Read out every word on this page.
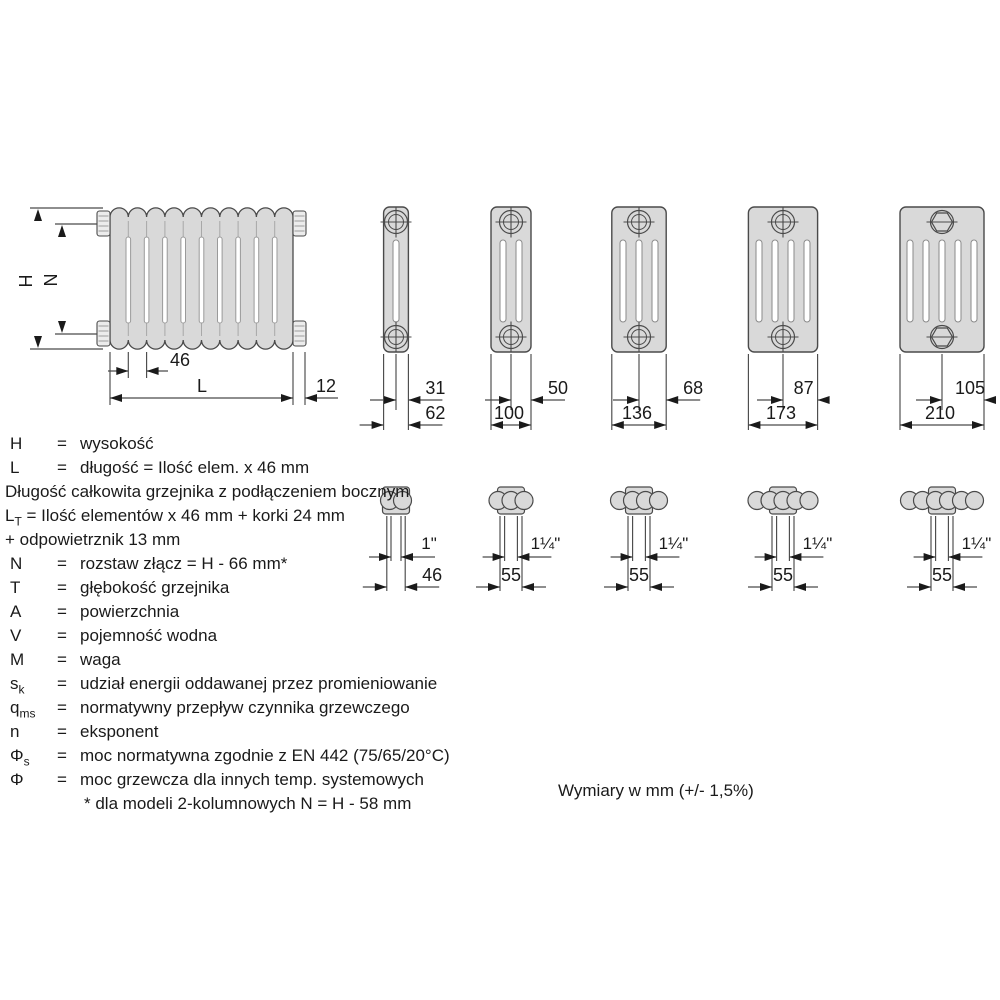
H N
46
L	12	31
62
1"
46
50
100
1¼"
55
68
136
1¼"
55
87
173
1¼"
55
105
210
1¼"
55
H = wysokość
L = długość = Ilość elem. x 46 mm
Długość całkowita grzejnika z podłączeniem bocznym
$L_T$ = Ilość elementów x 46 mm + korki 24 mm
+ odpowietrznik 13 mm
N = rozstaw złącz = H - 66 mm*
T = głębokość grzejnika
A = powierzchnia
V = pojemność wodna
M = waga
$s_k$ = udział energii oddawanej przez promieniowanie
$q_{ms}$ = normatywny przepływ czynnika grzewczego
n = eksponent
$\Phi_s$ = moc normatywna zgodnie z EN 442 (75/65/20°C)
Φ = moc grzewcza dla innych temp. systemowych
* dla modeli 2-kolumnowych N = H - 58 mm
Wymiary w mm (+/- 1,5%)
